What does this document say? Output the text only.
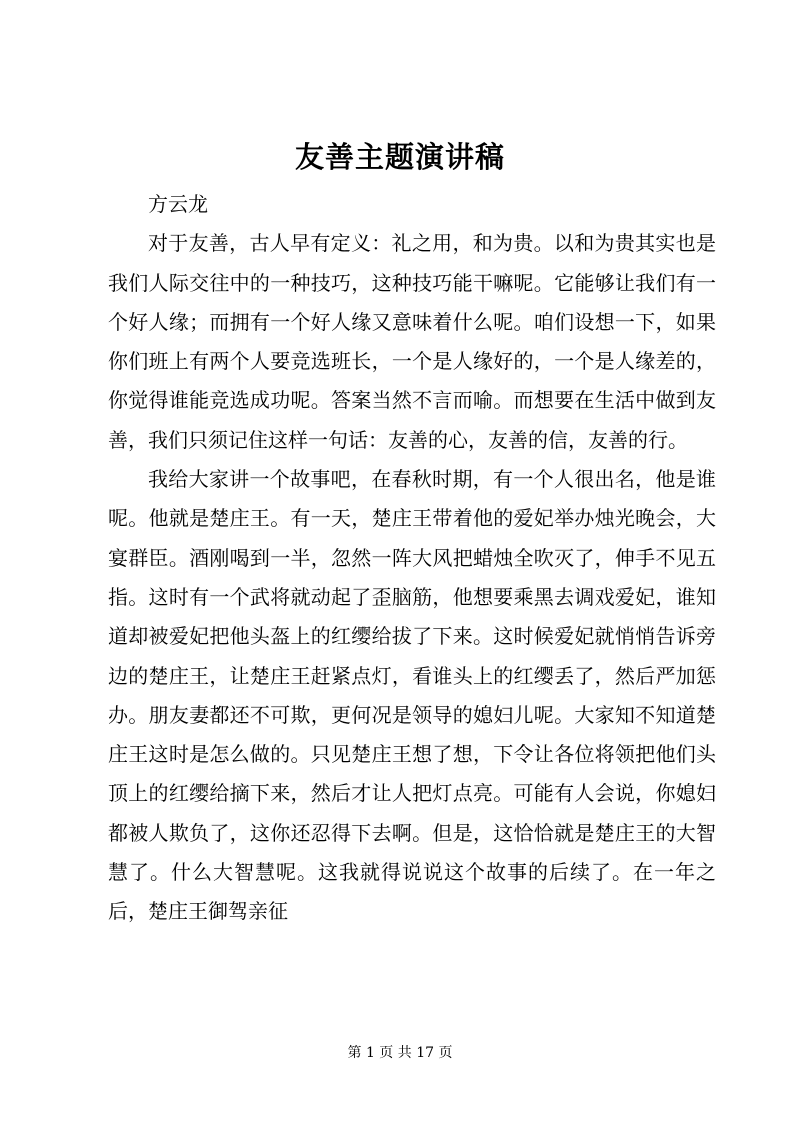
友善主题演讲稿

方云龙

对于友善，古人早有定义：礼之用，和为贵。以和为贵其实也是我们人际交往中的一种技巧，这种技巧能干嘛呢。它能够让我们有一个好人缘；而拥有一个好人缘又意味着什么呢。咱们设想一下，如果你们班上有两个人要竞选班长，一个是人缘好的，一个是人缘差的，你觉得谁能竞选成功呢。答案当然不言而喻。而想要在生活中做到友善，我们只须记住这样一句话：友善的心，友善的信，友善的行。

我给大家讲一个故事吧，在春秋时期，有一个人很出名，他是谁呢。他就是楚庄王。有一天，楚庄王带着他的爱妃举办烛光晚会，大宴群臣。酒刚喝到一半，忽然一阵大风把蜡烛全吹灭了，伸手不见五指。这时有一个武将就动起了歪脑筋，他想要乘黑去调戏爱妃，谁知道却被爱妃把他头盔上的红缨给拔了下来。这时候爱妃就悄悄告诉旁边的楚庄王，让楚庄王赶紧点灯，看谁头上的红缨丢了，然后严加惩办。朋友妻都还不可欺，更何况是领导的媳妇儿呢。大家知不知道楚庄王这时是怎么做的。只见楚庄王想了想，下令让各位将领把他们头顶上的红缨给摘下来，然后才让人把灯点亮。可能有人会说，你媳妇都被人欺负了，这你还忍得下去啊。但是，这恰恰就是楚庄王的大智慧了。什么大智慧呢。这我就得说说这个故事的后续了。在一年之后，楚庄王御驾亲征

第 1 页 共 17 页
